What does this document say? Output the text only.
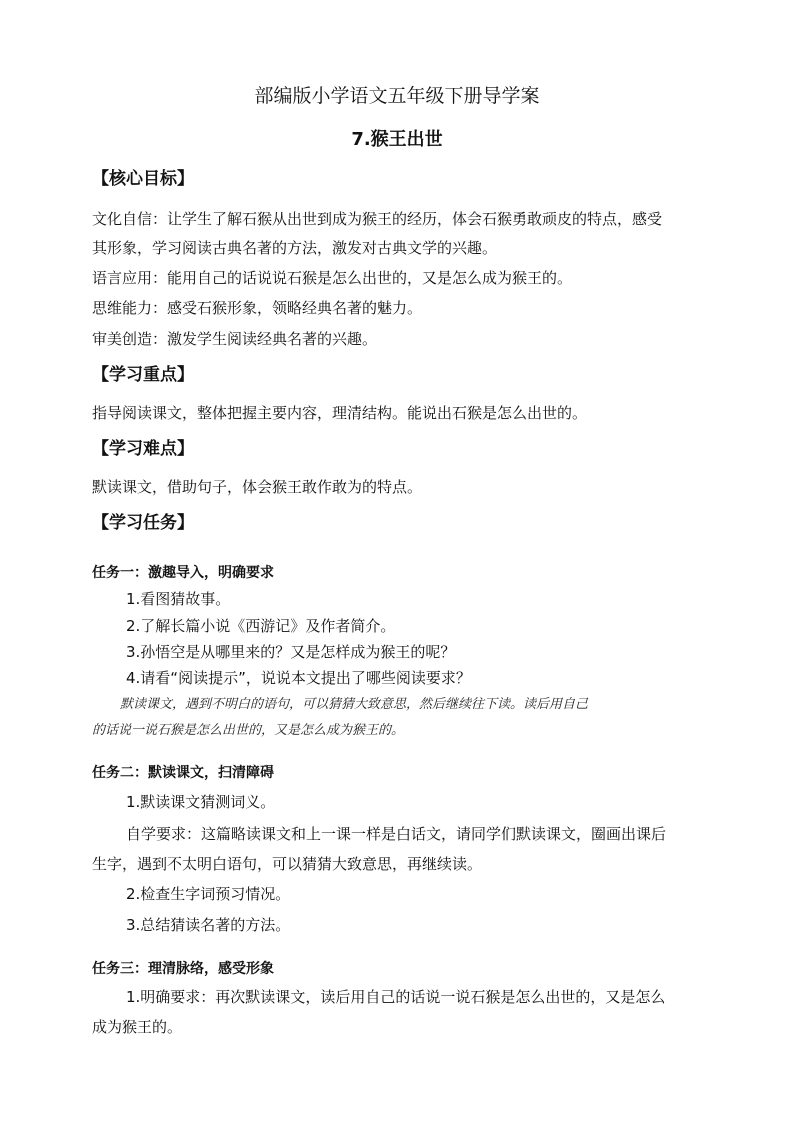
部编版小学语文五年级下册导学案
7.猴王出世
【核心目标】
文化自信：让学生了解石猴从出世到成为猴王的经历，体会石猴勇敢顽皮的特点，感受
其形象，学习阅读古典名著的方法，激发对古典文学的兴趣。
语言应用：能用自己的话说说石猴是怎么出世的，又是怎么成为猴王的。
思维能力：感受石猴形象，领略经典名著的魅力。
审美创造：激发学生阅读经典名著的兴趣。
【学习重点】
指导阅读课文，整体把握主要内容，理清结构。能说出石猴是怎么出世的。
【学习难点】
默读课文，借助句子，体会猴王敢作敢为的特点。
【学习任务】
任务一：激趣导入，明确要求
1.看图猜故事。
2.了解长篇小说《西游记》及作者简介。
3.孙悟空是从哪里来的？又是怎样成为猴王的呢？
4.请看“阅读提示”，说说本文提出了哪些阅读要求？
默读课文，遇到不明白的语句，可以猜猜大致意思，然后继续往下读。读后用自己
的话说一说石猴是怎么出世的，又是怎么成为猴王的。
任务二：默读课文，扫清障碍
1.默读课文猜测词义。
自学要求：这篇略读课文和上一课一样是白话文，请同学们默读课文，圈画出课后
生字，遇到不太明白语句，可以猜猜大致意思，再继续读。
2.检查生字词预习情况。
3.总结猜读名著的方法。
任务三：理清脉络，感受形象
1.明确要求：再次默读课文，读后用自己的话说一说石猴是怎么出世的，又是怎么
成为猴王的。
